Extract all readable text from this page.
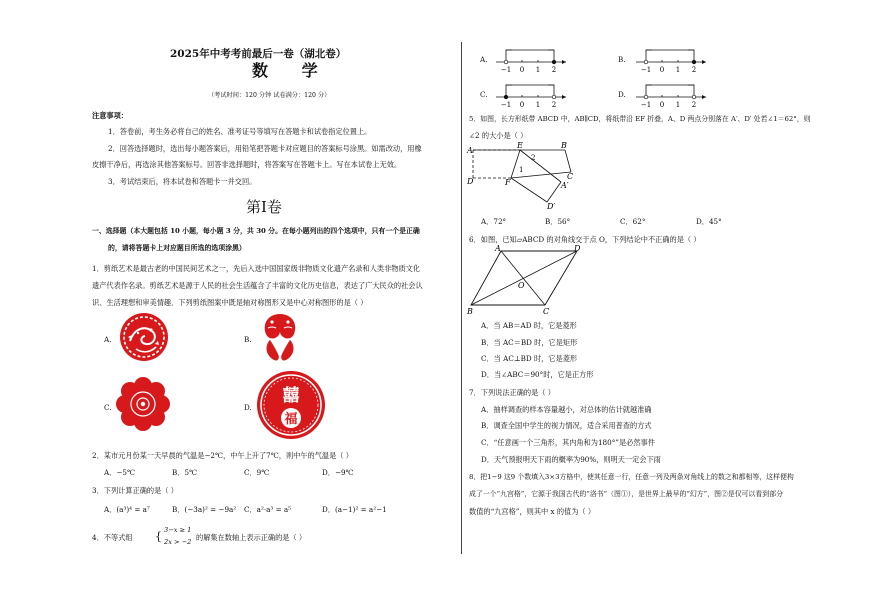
2025年中考考前最后一卷（湖北卷）
数 学
（考试时间：120 分钟 试卷满分：120 分）
注意事项：
1．答卷前，考生务必将自己的姓名、准考证号等填写在答题卡和试卷指定位置上。
2．回答选择题时，选出每小题答案后，用铅笔把答题卡对应题目的答案标号涂黑。如需改动，用橡
皮擦干净后，再选涂其他答案标号。回答非选择题时，将答案写在答题卡上。写在本试卷上无效。
3．考试结束后，将本试卷和答题卡一并交回。
第Ⅰ卷
一、选择题（本大题包括 10 小题，每小题 3 分，共 30 分。在每小题列出的四个选项中，只有一个是正确
的，请将答题卡上对应题目所选的选项涂黑）
1．剪纸艺术是最古老的中国民间艺术之一，先后入选中国国家级非物质文化遗产名录和人类非物质文化
遗产代表作名录。剪纸艺术是源于人民的社会生活蕴含了丰富的文化历史信息，表达了广大民众的社会认
识、生活理想和审美情趣．下列剪纸图案中既是轴对称图形又是中心对称图形的是（ ）
A.	B.
C.	D.
囍
福
2．某市元月份某一天早晨的气温是−2℃，中午上升了7℃，则中午的气温是（ ）
A．−5℃	B．5℃	C．9℃	D．−9℃
3．下列计算正确的是（ ）
A．(a³)⁴ = a⁷	B．(−3a)² = −9a² C．a²·a³ = a⁵	D．(a−1)² = a²−1
4．不等式组 { 3−x ≥ 1
2x > −2 的解集在数轴上表示正确的是（ ）
A.	B.
C.	D.
−1 0 1 2	−1 0 1 2
−1 0 1 2	−1 0 1 2
5．如图，长方形纸带 ABCD 中，AB∥CD，将纸带沿 EF 折叠，A、D 两点分别落在 A′、D′ 处若∠1＝62°，则
∠2 的大小是（ ）
A
E	B
2
1
F
C
A′
D
D′
A．72°	B．56°	C．62°	D．45°
6．如图，已知▱ABCD 的对角线交于点 O，下列结论中不正确的是（ ）
A	D
O
B	C
A．当 AB＝AD 时，它是菱形
B．当 AC＝BD 时，它是矩形
C．当 AC⊥BD 时，它是菱形
D．当∠ABC＝90°时，它是正方形
7．下列说法正确的是（ ）
A．抽样调查的样本容量越小，对总体的估计就越准确
B．调查全国中学生的视力情况，适合采用普查的方式
C．“任意画一个三角形，其内角和为180°”是必然事件
D．天气预报明天下雨的概率为90%，则明天一定会下雨
8．把1−9 这9 个数填入3×3方格中，使其任意一行，任意一列及两条对角线上的数之和都相等，这样便构
成了一个“九宫格”，它源于我国古代的“洛书”（图①），是世界上最早的“幻方”，图②是仅可以看到部分
数值的“九宫格”，则其中 x 的值为（ ）
